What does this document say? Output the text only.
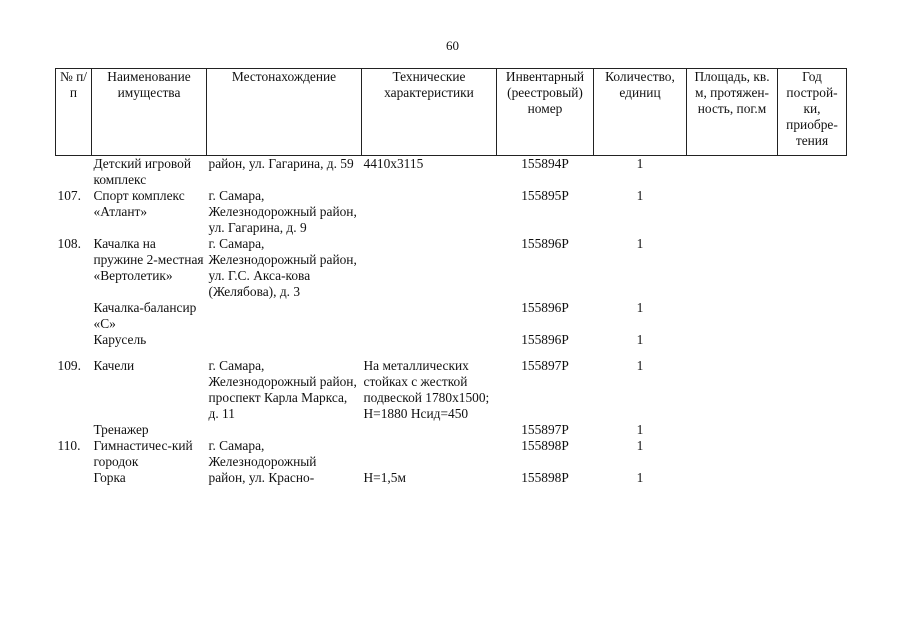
60
№ п/п	Наименование имущества	Местонахождение	Технические характеристики	Инвентарный (реестровый) номер	Количество, единиц	Площадь, кв. м, протяжен-ность, пог.м	Год построй-ки, приобре-тения
	Детский игровой комплекс	район, ул. Гагарина, д. 59	4410х3115	155894Р	1		
107.	Спорт комплекс «Атлант»	г. Самара, Железнодорожный район, ул. Гагарина, д. 9		155895Р	1		
108.	Качалка на пружине 2-местная «Вертолетик»	г. Самара, Железнодорожный район, ул. Г.С. Акса-кова (Желябова), д. 3		155896Р	1		
	Качалка-балансир «С»			155896Р	1		
	Карусель			155896Р	1		
109.	Качели	г. Самара, Железнодорожный район, проспект Карла Маркса, д. 11	На металлических стойках с жесткой подвеской 1780х1500; H=1880 Hсид=450	155897Р	1		
	Тренажер			155897Р	1		
110.	Гимнастичес-кий городок	г. Самара, Железнодорожный		155898Р	1		
	Горка	район, ул. Красно-	H=1,5м	155898Р	1		
